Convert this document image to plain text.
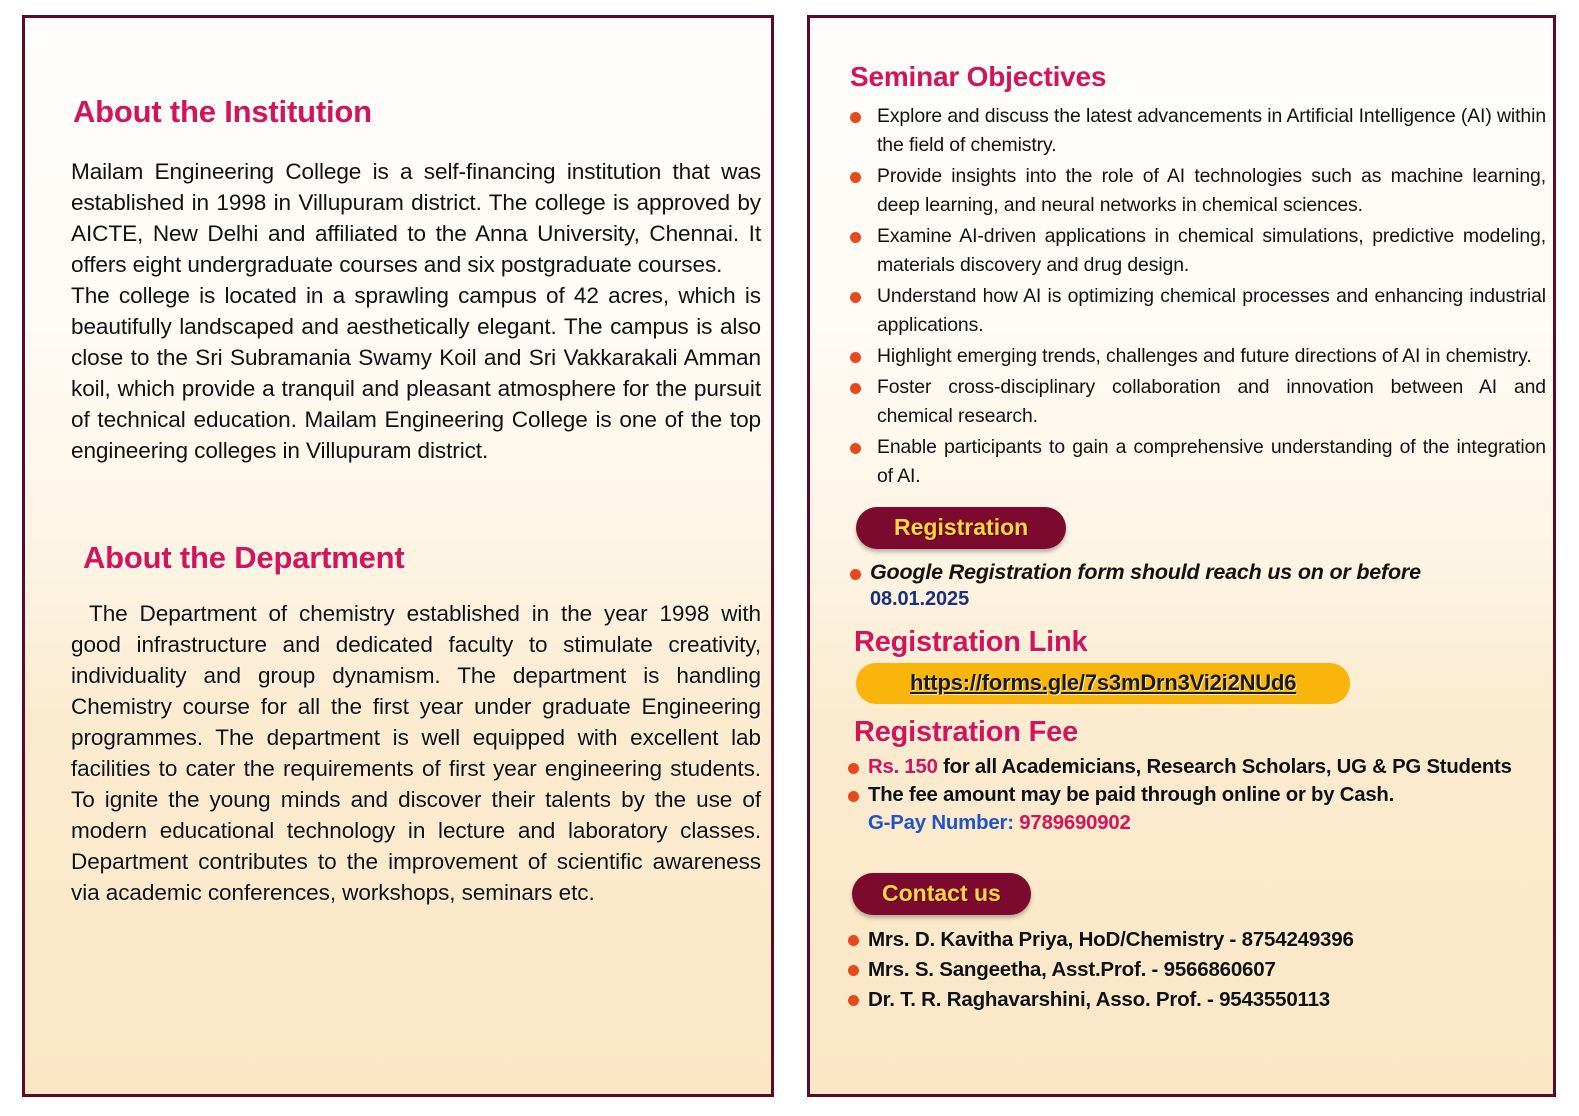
About the Institution

Mailam Engineering College is a self-financing institution that was established in 1998 in Villupuram district. The college is approved by AICTE, New Delhi and affiliated to the Anna University, Chennai. It offers eight undergraduate courses and six postgraduate courses.

The college is located in a sprawling campus of 42 acres, which is beautifully landscaped and aesthetically elegant. The campus is also close to the Sri Subramania Swamy Koil and Sri Vakkarakali Amman koil, which provide a tranquil and pleasant atmosphere for the pursuit of technical education. Mailam Engineering College is one of the top engineering colleges in Villupuram district.

About the Department

The Department of chemistry established in the year 1998 with good infrastructure and dedicated faculty to stimulate creativity, individuality and group dynamism. The department is handling Chemistry course for all the first year under graduate Engineering programmes. The department is well equipped with excellent lab facilities to cater the requirements of first year engineering students. To ignite the young minds and discover their talents by the use of modern educational technology in lecture and laboratory classes. Department contributes to the improvement of scientific awareness via academic conferences, workshops, seminars etc.

Seminar Objectives
Explore and discuss the latest advancements in Artificial Intelligence (AI) within the field of chemistry.
Provide insights into the role of AI technologies such as machine learning, deep learning, and neural networks in chemical sciences.
Examine AI-driven applications in chemical simulations, predictive modeling, materials discovery and drug design.
Understand how AI is optimizing chemical processes and enhancing industrial applications.
Highlight emerging trends, challenges and future directions of AI in chemistry.
Foster cross-disciplinary collaboration and innovation between AI and chemical research.
Enable participants to gain a comprehensive understanding of the integration of AI.
Registration
Google Registration form should reach us on or before
08.01.2025
Registration Link
https://forms.gle/7s3mDrn3Vi2i2NUd6
Registration Fee
Rs. 150 for all Academicians, Research Scholars, UG & PG Students
The fee amount may be paid through online or by Cash.
G-Pay Number: 9789690902
Contact us
Mrs. D. Kavitha Priya, HoD/Chemistry - 8754249396
Mrs. S. Sangeetha, Asst.Prof. - 9566860607
Dr. T. R. Raghavarshini, Asso. Prof. - 9543550113
